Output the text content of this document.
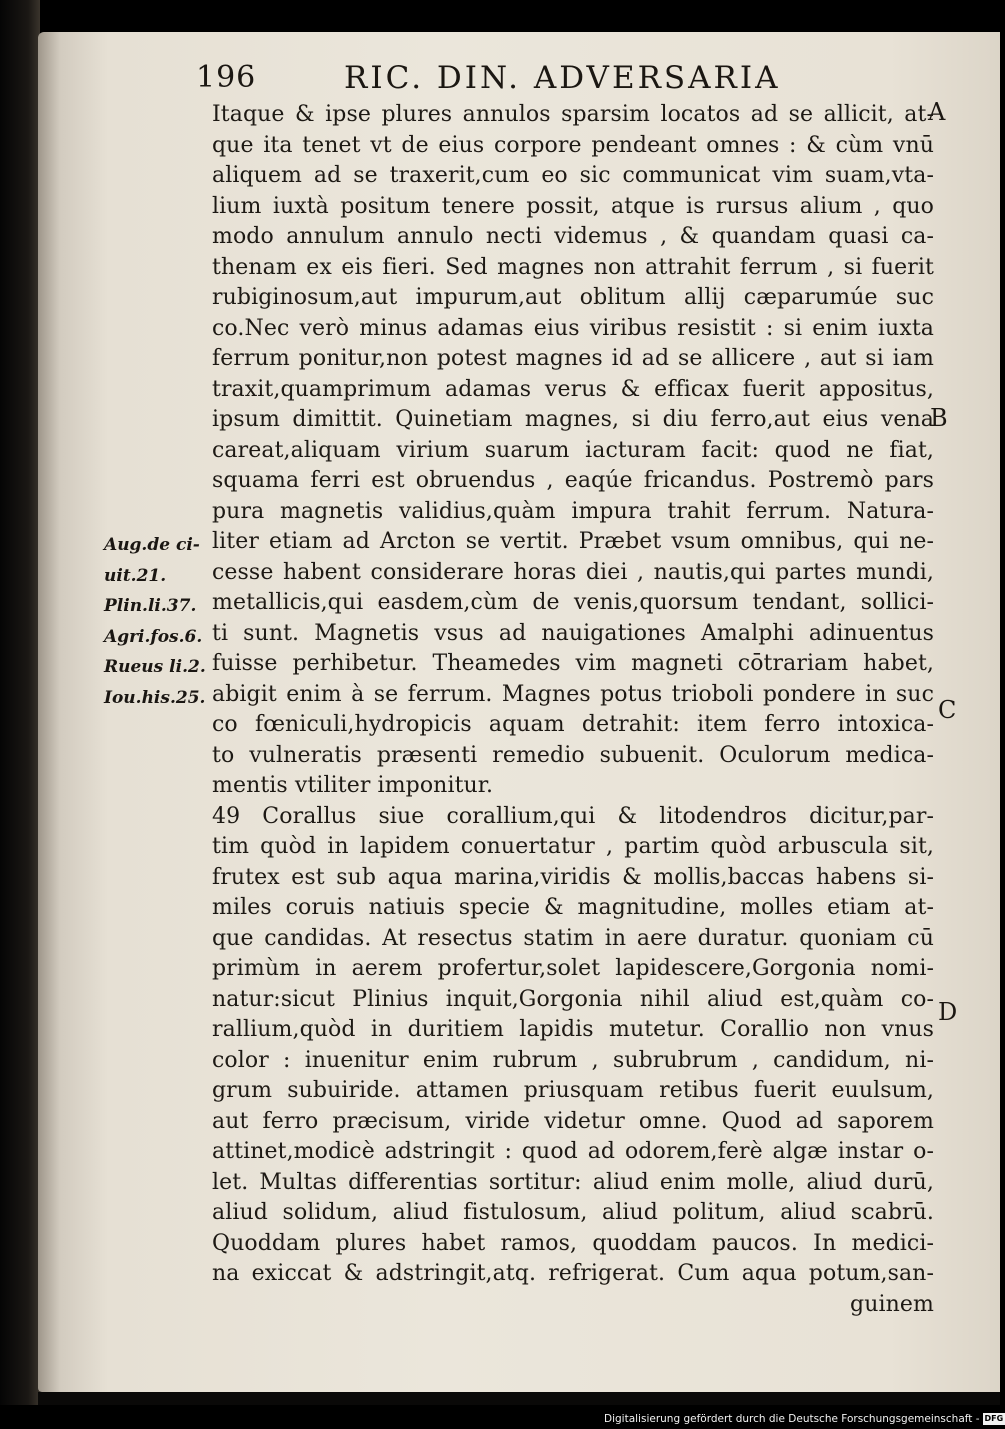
196	RIC. DIN. ADVERSARIA
Itaque & ipse plures annulos sparsim locatos ad se allicit, at-
que ita tenet vt de eius corpore pendeant omnes : & cùm vnū
aliquem ad se traxerit,cum eo sic communicat vim suam,vta-
lium iuxtà positum tenere possit, atque is rursus alium , quo
modo annulum annulo necti videmus , & quandam quasi ca-
thenam ex eis fieri. Sed magnes non attrahit ferrum , si fuerit
rubiginosum,aut impurum,aut oblitum allij cæparumúe suc
co.Nec verò minus adamas eius viribus resistit : si enim iuxta
ferrum ponitur,non potest magnes id ad se allicere , aut si iam
traxit,quamprimum adamas verus & efficax fuerit appositus,
ipsum dimittit. Quinetiam magnes, si diu ferro,aut eius vena
careat,aliquam virium suarum iacturam facit: quod ne fiat,
squama ferri est obruendus , eaqúe fricandus. Postremò pars
pura magnetis validius,quàm impura trahit ferrum. Natura-
liter etiam ad Arcton se vertit. Præbet vsum omnibus, qui ne-
cesse habent considerare horas diei , nautis,qui partes mundi,
metallicis,qui easdem,cùm de venis,quorsum tendant, sollici-
ti sunt. Magnetis vsus ad nauigationes Amalphi adinuentus
fuisse perhibetur. Theamedes vim magneti cōtrariam habet,
abigit enim à se ferrum. Magnes potus trioboli pondere in suc
co fœniculi,hydropicis aquam detrahit: item ferro intoxica-
to vulneratis præsenti remedio subuenit. Oculorum medica-
mentis vtiliter imponitur.
49 Corallus siue corallium,qui & litodendros dicitur,par-
tim quòd in lapidem conuertatur , partim quòd arbuscula sit,
frutex est sub aqua marina,viridis & mollis,baccas habens si-
miles coruis natiuis specie & magnitudine, molles etiam at-
que candidas. At resectus statim in aere duratur. quoniam cū
primùm in aerem profertur,solet lapidescere,Gorgonia nomi-
natur:sicut Plinius inquit,Gorgonia nihil aliud est,quàm co-
rallium,quòd in duritiem lapidis mutetur. Corallio non vnus
color : inuenitur enim rubrum , subrubrum , candidum, ni-
grum subuiride. attamen priusquam retibus fuerit euulsum,
aut ferro præcisum, viride videtur omne. Quod ad saporem
attinet,modicè adstringit : quod ad odorem,ferè algæ instar o-
let. Multas differentias sortitur: aliud enim molle, aliud durū,
aliud solidum, aliud fistulosum, aliud politum, aliud scabrū.
Quoddam plures habet ramos, quoddam paucos. In medici-
na exiccat & adstringit,atq. refrigerat. Cum aqua potum,san-
guinem
Aug.de ci-
uit.21.
Plin.li.37.
Agri.fos.6.
Rueus li.2.
Iou.his.25.
A
B
C
D
Digitalisierung gefördert durch die Deutsche Forschungsgemeinschaft - DFG
